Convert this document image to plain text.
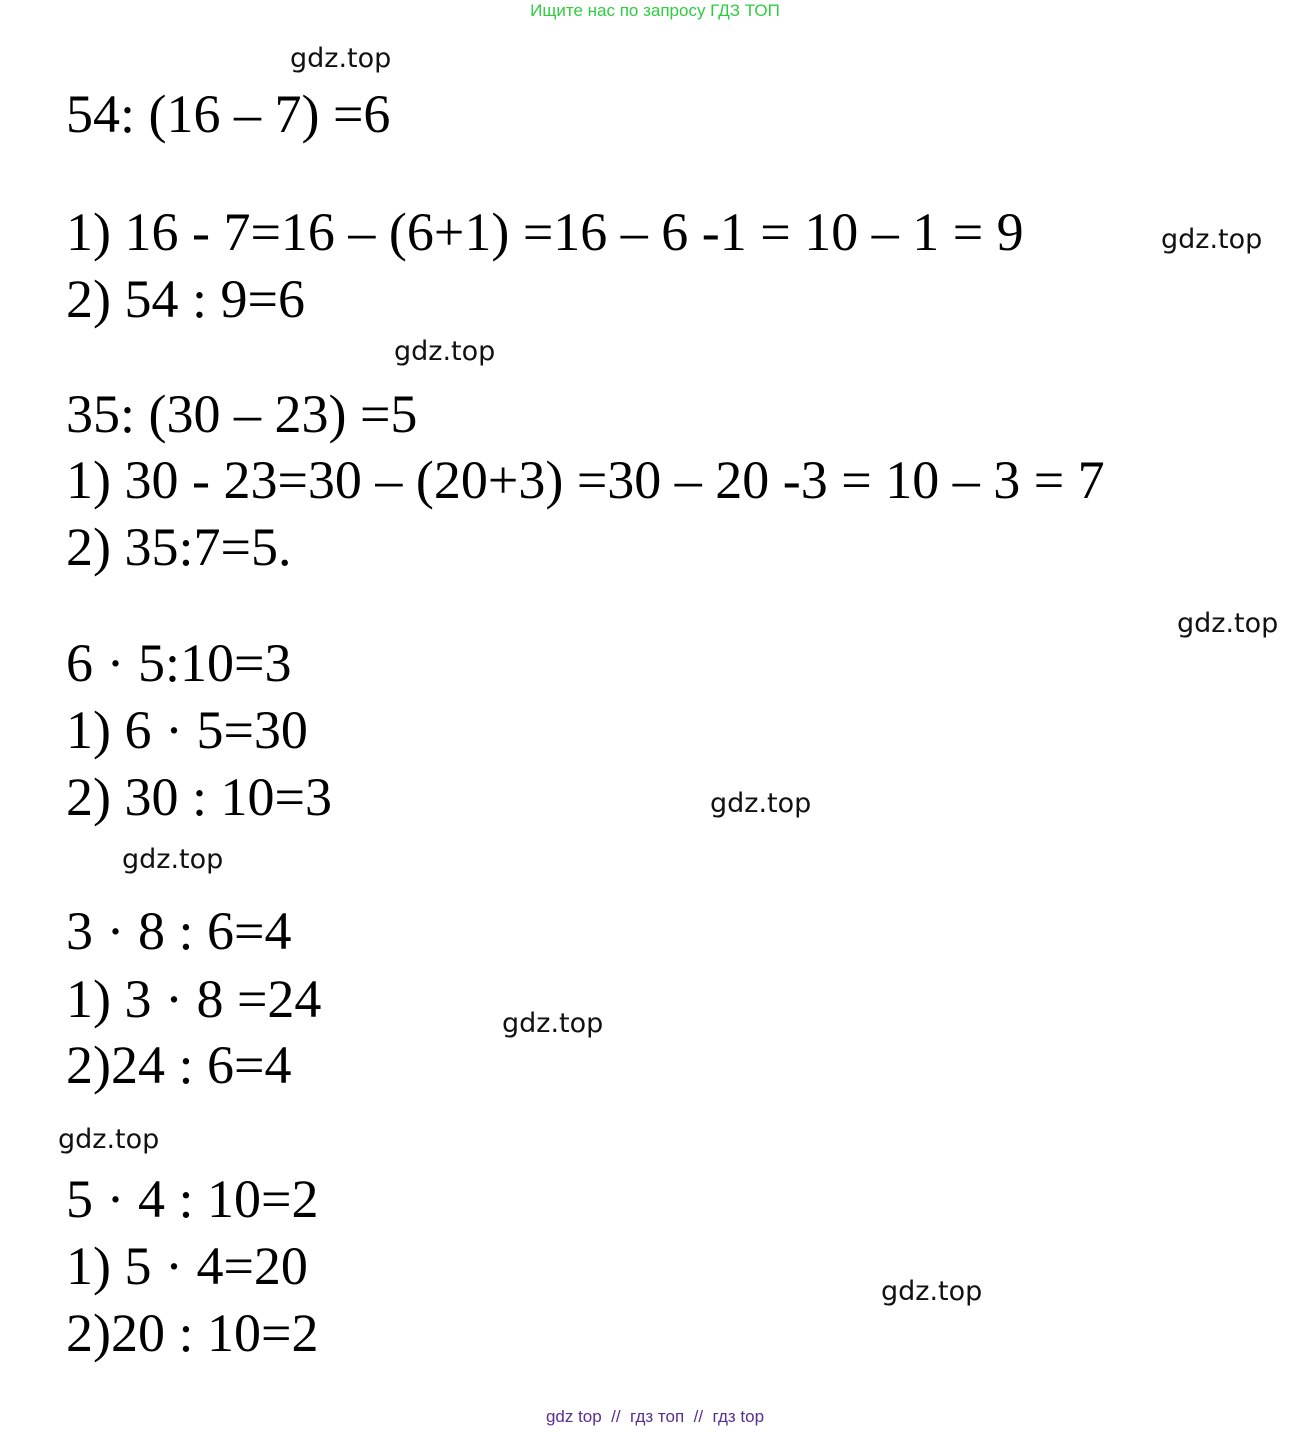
Ищите нас по запросу ГДЗ ТОП
54: (16 – 7) =6
1) 16 - 7=16 – (6+1) =16 – 6 -1 = 10 – 1 = 9
2) 54 : 9=6
35: (30 – 23) =5
1) 30 - 23=30 – (20+3) =30 – 20 -3 = 10 – 3 = 7
2) 35:7=5.
6 · 5:10=3
1) 6 · 5=30
2) 30 : 10=3
3 · 8 : 6=4
1) 3 · 8 =24
2)24 : 6=4
5 · 4 : 10=2
1) 5 · 4=20
2)20 : 10=2
gdz.top
gdz.top
gdz.top
gdz.top
gdz.top
gdz.top
gdz.top
gdz.top
gdz.top
gdz top  //  гдз топ  //  гдз top
